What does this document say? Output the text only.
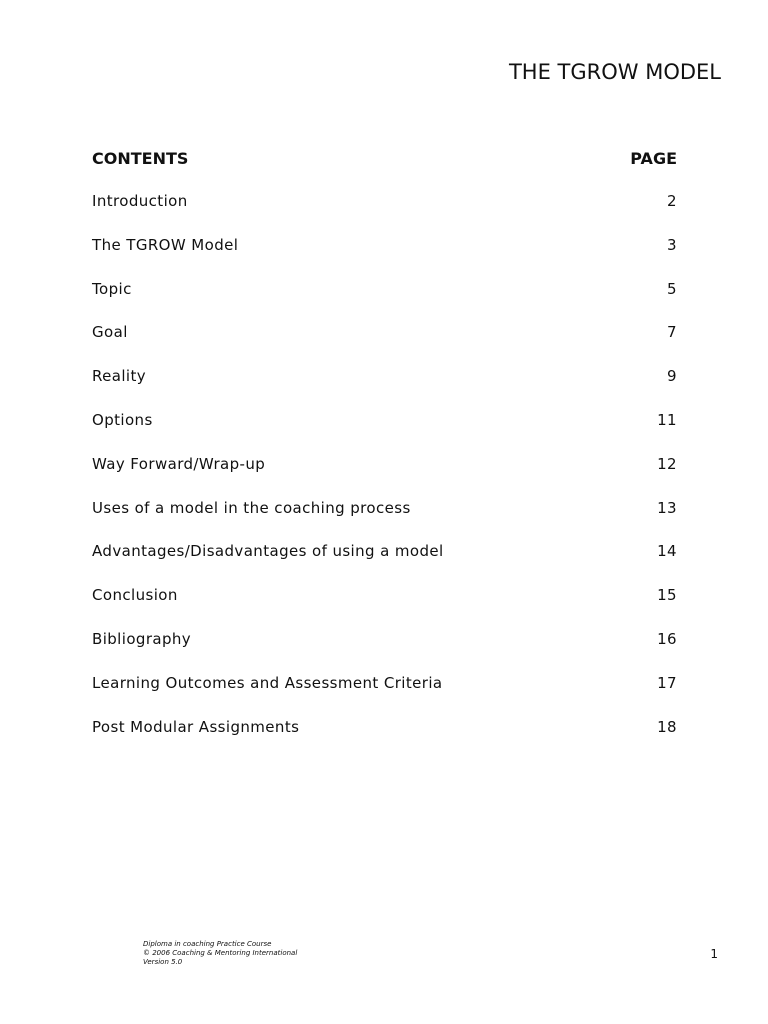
THE TGROW MODEL
CONTENTS	PAGE
Introduction	2
The TGROW Model	3
Topic	5
Goal	7
Reality	9
Options	11
Way Forward/Wrap-up	12
Uses of a model in the coaching process	13
Advantages/Disadvantages of using a model	14
Conclusion	15
Bibliography	16
Learning Outcomes and Assessment Criteria	17
Post Modular Assignments	18
Diploma in coaching Practice Course
© 2006 Coaching & Mentoring International
Version 5.0
1
